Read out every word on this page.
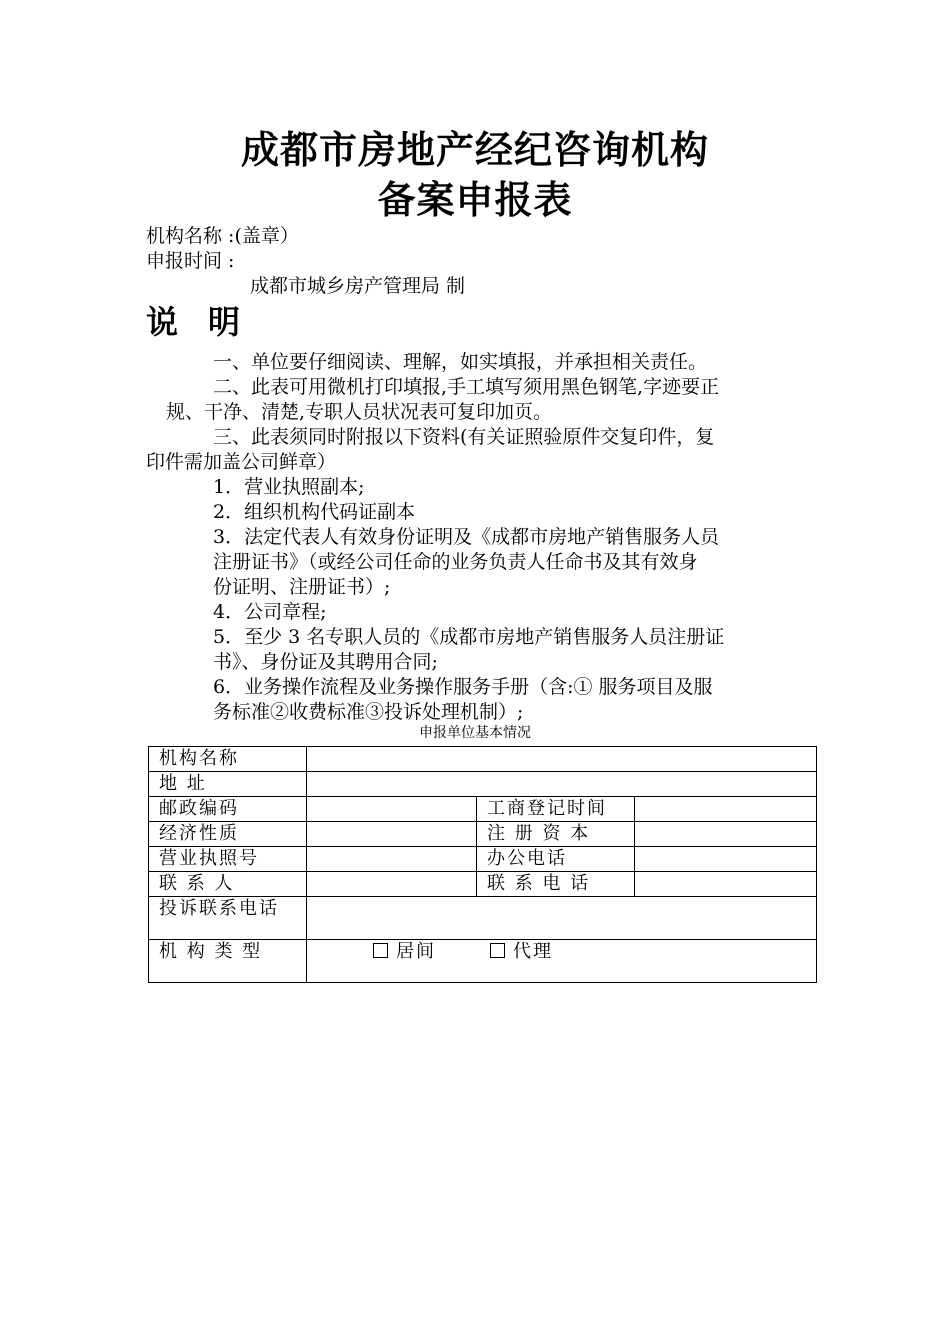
成都市房地产经纪咨询机构
备案申报表
机构名称 :(盖章）
申报时间 :
成都市城乡房产管理局 制
说明
一、单位要仔细阅读、理解，如实填报，并承担相关责任。
二、此表可用微机打印填报,手工填写须用黑色钢笔,字迹要正
规、干净、清楚,专职人员状况表可复印加页。
三、此表须同时附报以下资料(有关证照验原件交复印件，复
印件需加盖公司鲜章）
1．营业执照副本;
2．组织机构代码证副本
3．法定代表人有效身份证明及《成都市房地产销售服务人员
注册证书》（或经公司任命的业务负责人任命书及其有效身
份证明、注册证书）;
4．公司章程;
5．至少 3 名专职人员的《成都市房地产销售服务人员注册证
书》、身份证及其聘用合同;
6．业务操作流程及业务操作服务手册（含:① 服务项目及服
务标准②收费标准③投诉处理机制）;
申报单位基本情况
机构名称			
地 址			
邮政编码		工商登记时间	
经济性质		注 册 资 本	
营业执照号		办公电话	
联 系 人		联 系 电 话	
投诉联系电话			
机 构 类 型	居间 代理		
